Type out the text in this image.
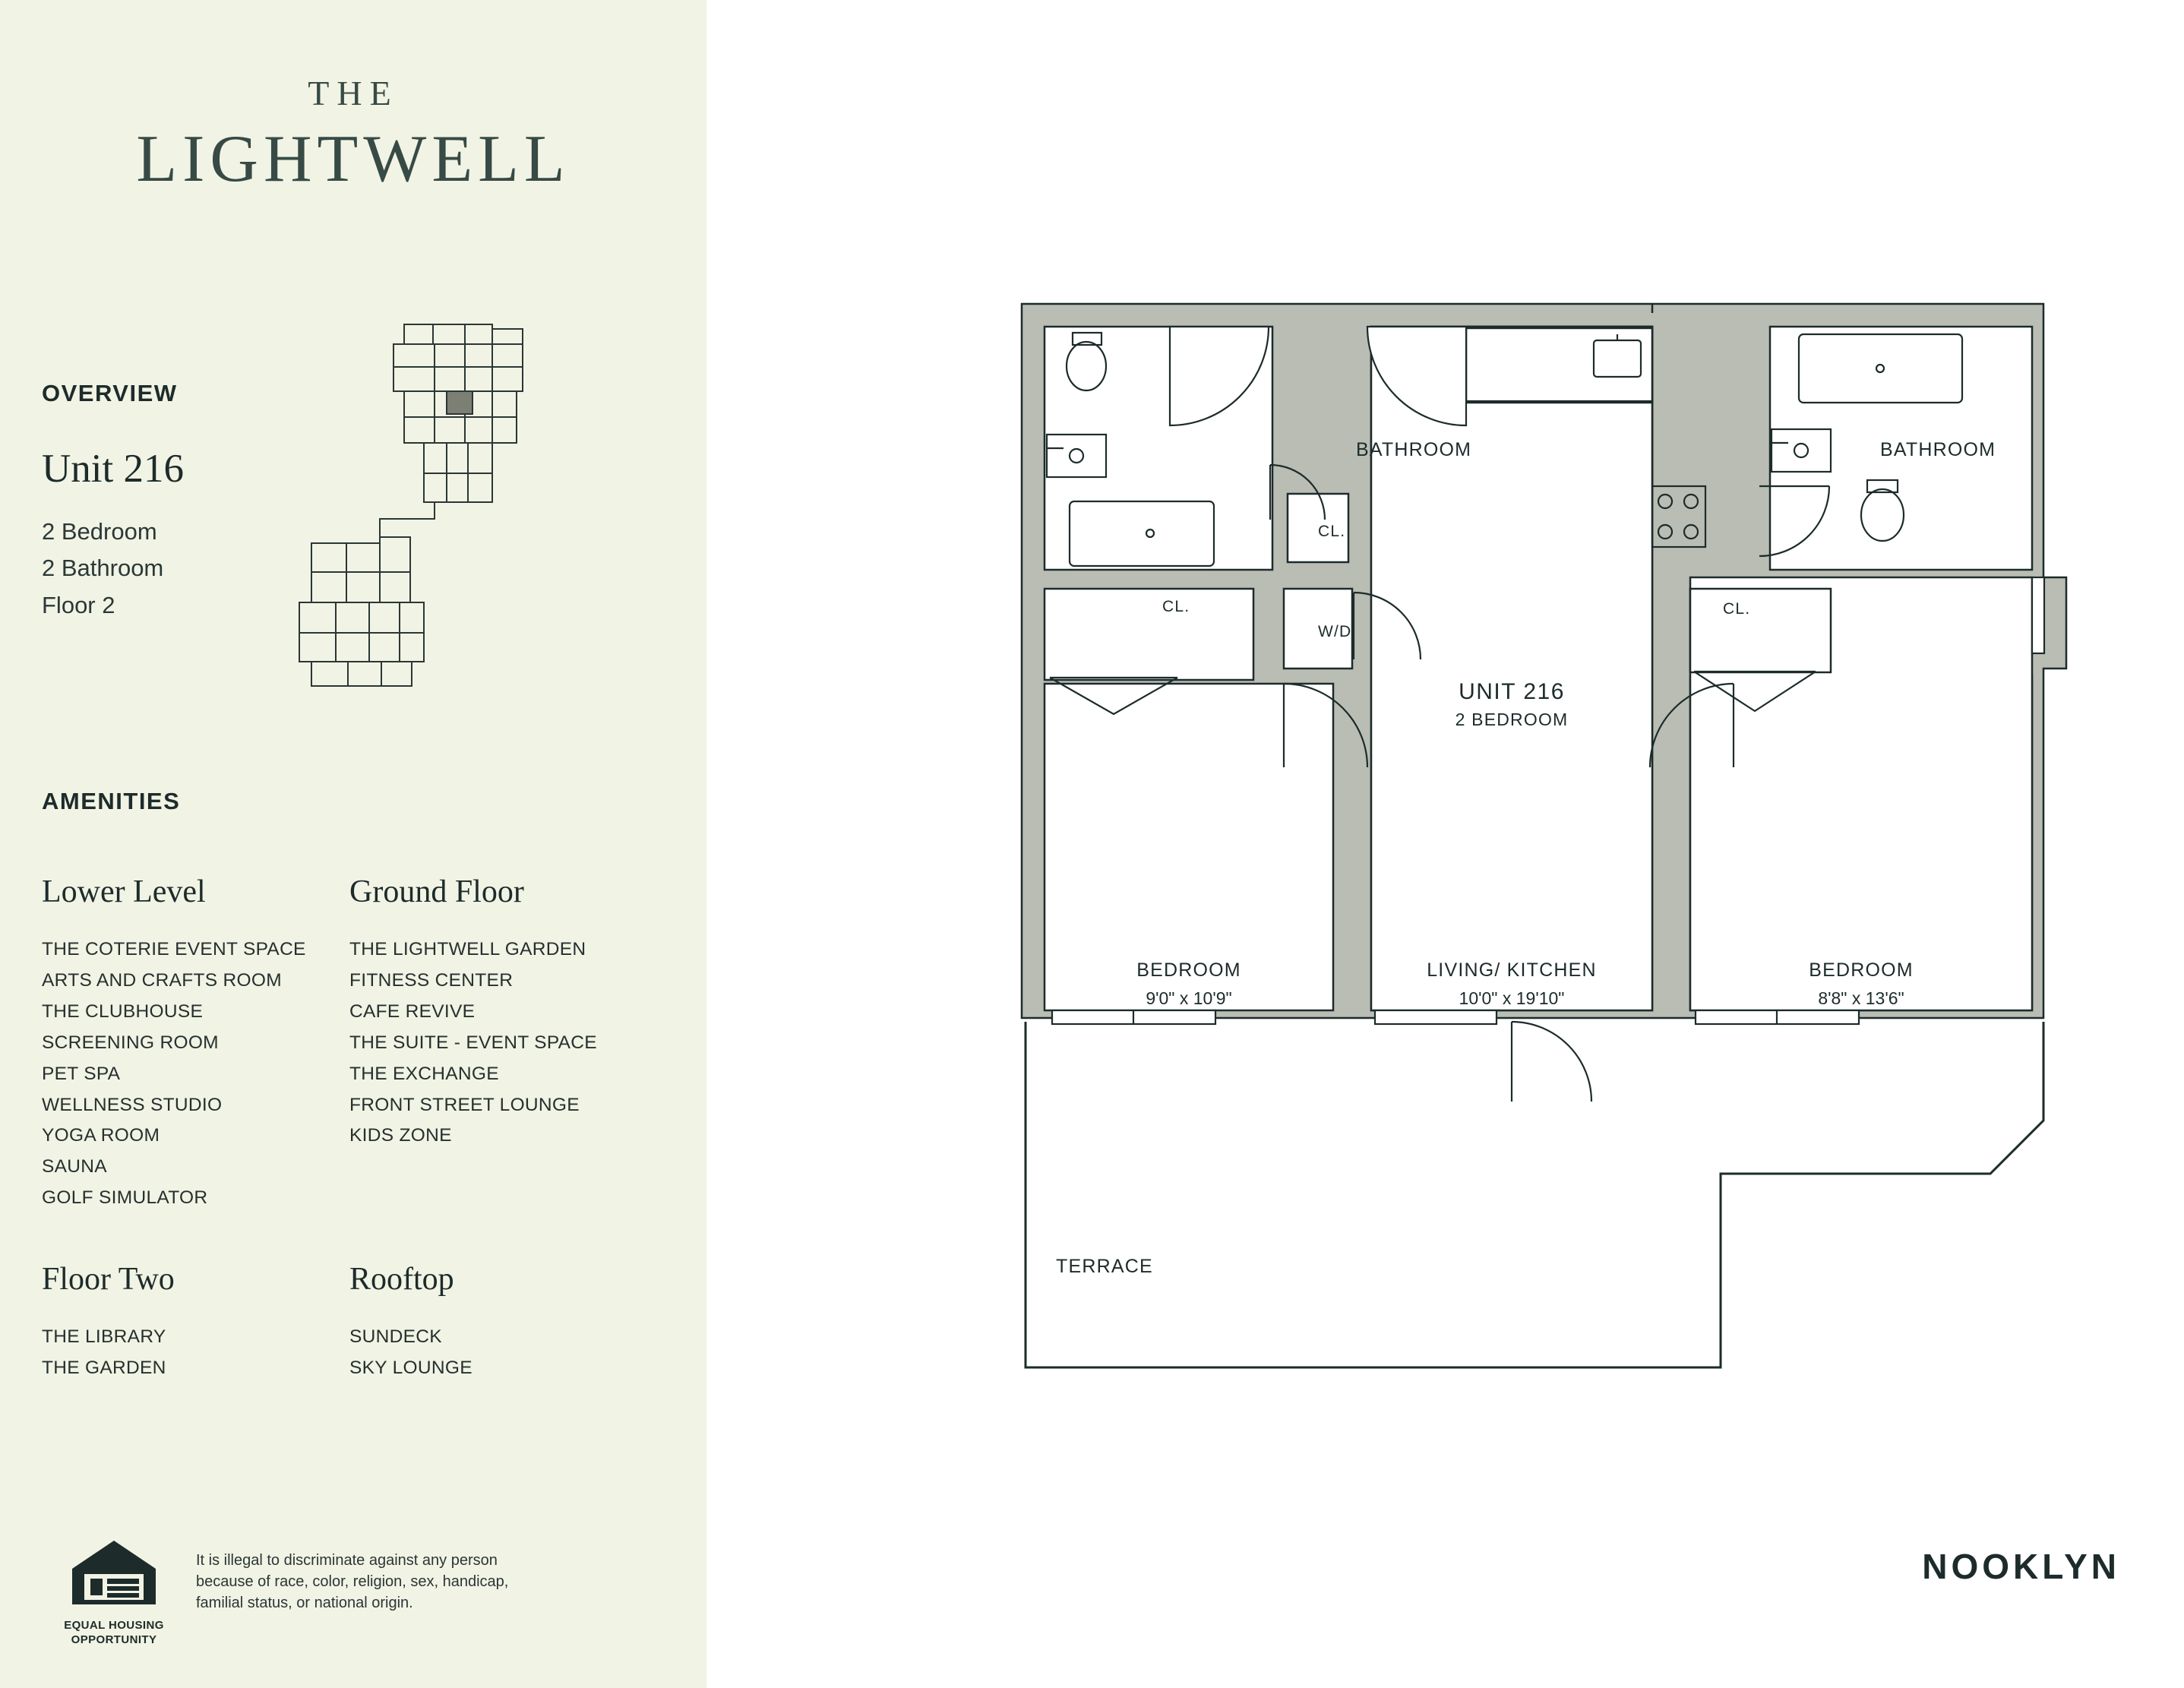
THE
LIGHTWELL
OVERVIEW
Unit 216
2 Bedroom
2 Bathroom
Floor 2
AMENITIES
Lower Level
THE COTERIE EVENT SPACE
ARTS AND CRAFTS ROOM
THE CLUBHOUSE
SCREENING ROOM
PET SPA
WELLNESS STUDIO
YOGA ROOM
SAUNA
GOLF SIMULATOR
Ground Floor
THE LIGHTWELL GARDEN
FITNESS CENTER
CAFE REVIVE
THE SUITE - EVENT SPACE
THE EXCHANGE
FRONT STREET LOUNGE
KIDS ZONE
Floor Two
THE LIBRARY
THE GARDEN
Rooftop
SUNDECK
SKY LOUNGE
EQUAL HOUSING
OPPORTUNITY
It is illegal to discriminate against any person because of race, color, religion, sex, handicap, familial status, or national origin.
BATHROOM	BATHROOM
CL.
CL.	CL.
W/D
UNIT 216
2 BEDROOM
BEDROOM
9'0" x 10'9"
LIVING/ KITCHEN
10'0" x 19'10"
BEDROOM
8'8" x 13'6"
TERRACE
NOOKLYN
